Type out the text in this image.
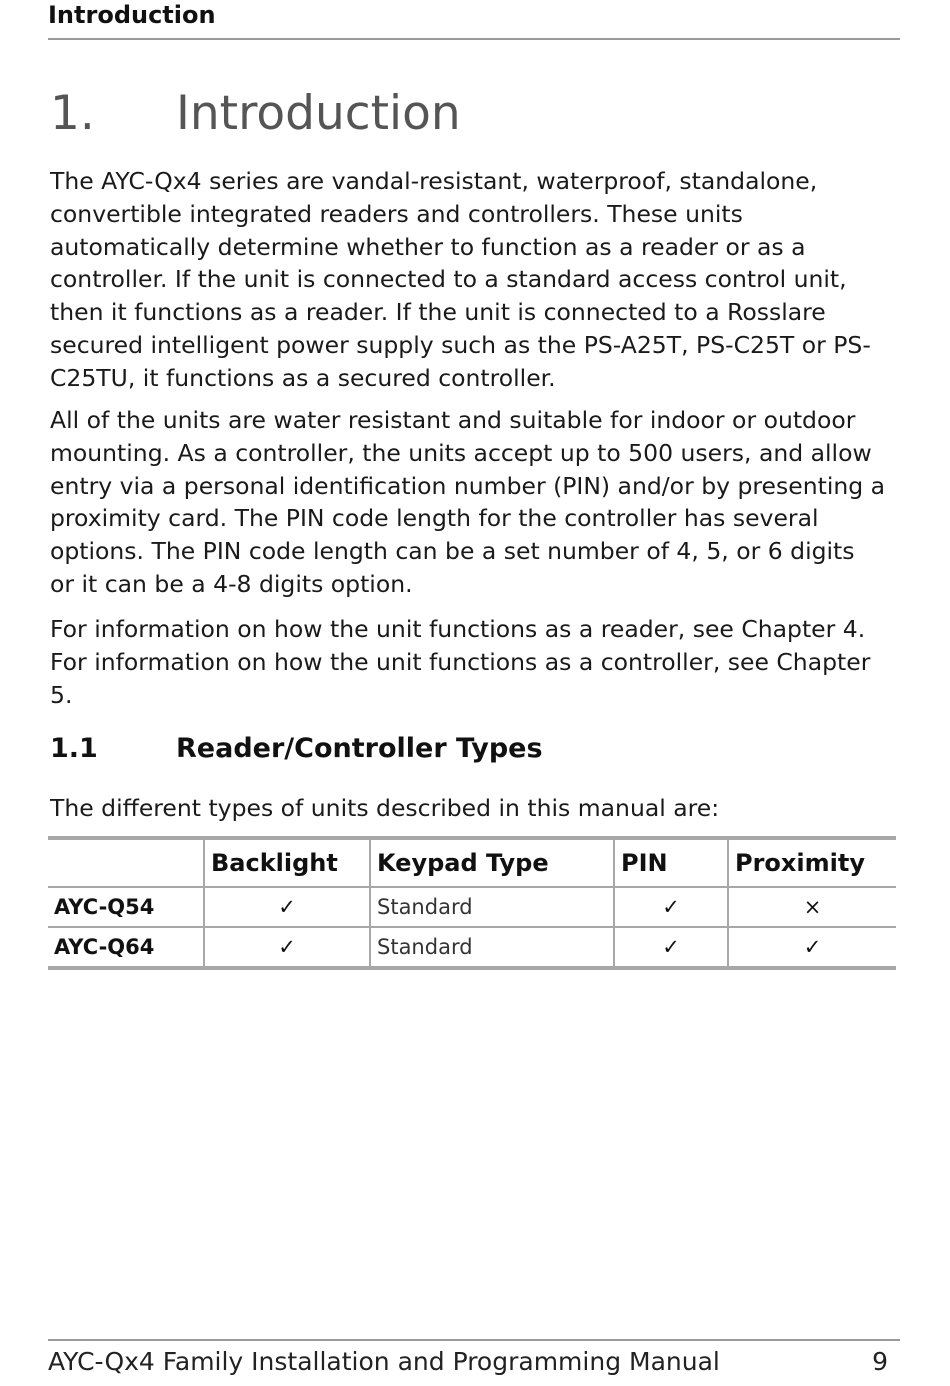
Introduction
1. Introduction

The AYC-Qx4 series are vandal-resistant, waterproof, standalone,
convertible integrated readers and controllers. These units
automatically determine whether to function as a reader or as a
controller. If the unit is connected to a standard access control unit,
then it functions as a reader. If the unit is connected to a Rosslare
secured intelligent power supply such as the PS-A25T, PS-C25T or PS-
C25TU, it functions as a secured controller.

All of the units are water resistant and suitable for indoor or outdoor
mounting. As a controller, the units accept up to 500 users, and allow
entry via a personal identification number (PIN) and/or by presenting a
proximity card. The PIN code length for the controller has several
options. The PIN code length can be a set number of 4, 5, or 6 digits
or it can be a 4-8 digits option.

For information on how the unit functions as a reader, see Chapter 4.
For information on how the unit functions as a controller, see Chapter
5.

1.1	Reader/Controller Types

The different types of units described in this manual are:

	Backlight	Keypad Type	PIN	Proximity
AYC-Q54	✓	Standard	✓	×
AYC-Q64	✓	Standard	✓	✓
AYC-Qx4 Family Installation and Programming Manual	9
